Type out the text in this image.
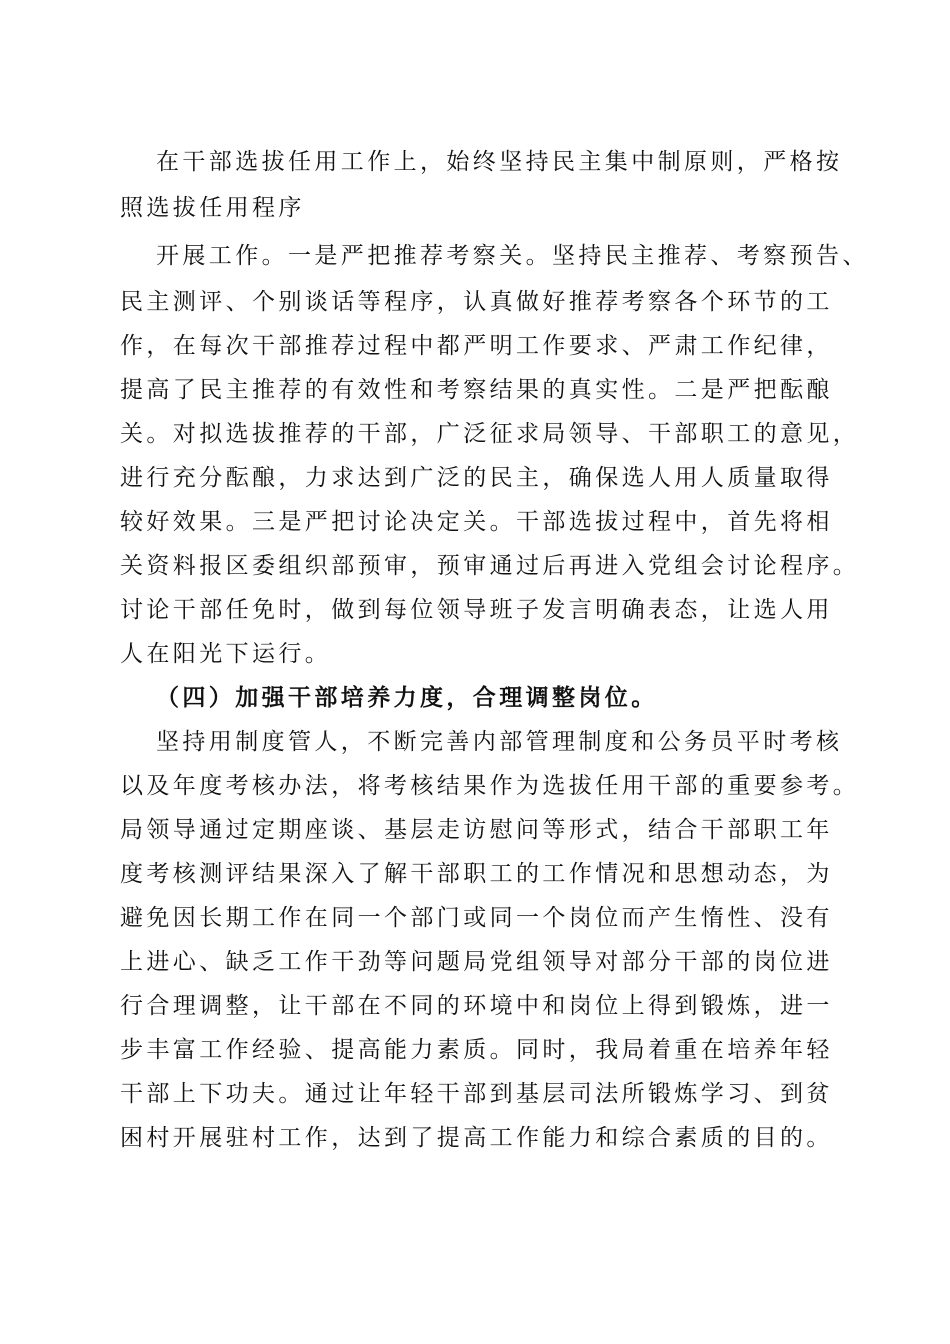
在干部选拔任用工作上，始终坚持民主集中制原则，严格按
照选拔任用程序
开展工作。一是严把推荐考察关。坚持民主推荐、考察预告、
民主测评、个别谈话等程序，认真做好推荐考察各个环节的工
作，在每次干部推荐过程中都严明工作要求、严肃工作纪律，
提高了民主推荐的有效性和考察结果的真实性。二是严把酝酿
关。对拟选拔推荐的干部，广泛征求局领导、干部职工的意见，
进行充分酝酿，力求达到广泛的民主，确保选人用人质量取得
较好效果。三是严把讨论决定关。干部选拔过程中，首先将相
关资料报区委组织部预审，预审通过后再进入党组会讨论程序。
讨论干部任免时，做到每位领导班子发言明确表态，让选人用
人在阳光下运行。
（四）加强干部培养力度，合理调整岗位。
坚持用制度管人，不断完善内部管理制度和公务员平时考核
以及年度考核办法，将考核结果作为选拔任用干部的重要参考。
局领导通过定期座谈、基层走访慰问等形式，结合干部职工年
度考核测评结果深入了解干部职工的工作情况和思想动态，为
避免因长期工作在同一个部门或同一个岗位而产生惰性、没有
上进心、缺乏工作干劲等问题局党组领导对部分干部的岗位进
行合理调整，让干部在不同的环境中和岗位上得到锻炼，进一
步丰富工作经验、提高能力素质。同时，我局着重在培养年轻
干部上下功夫。通过让年轻干部到基层司法所锻炼学习、到贫
困村开展驻村工作，达到了提高工作能力和综合素质的目的。
